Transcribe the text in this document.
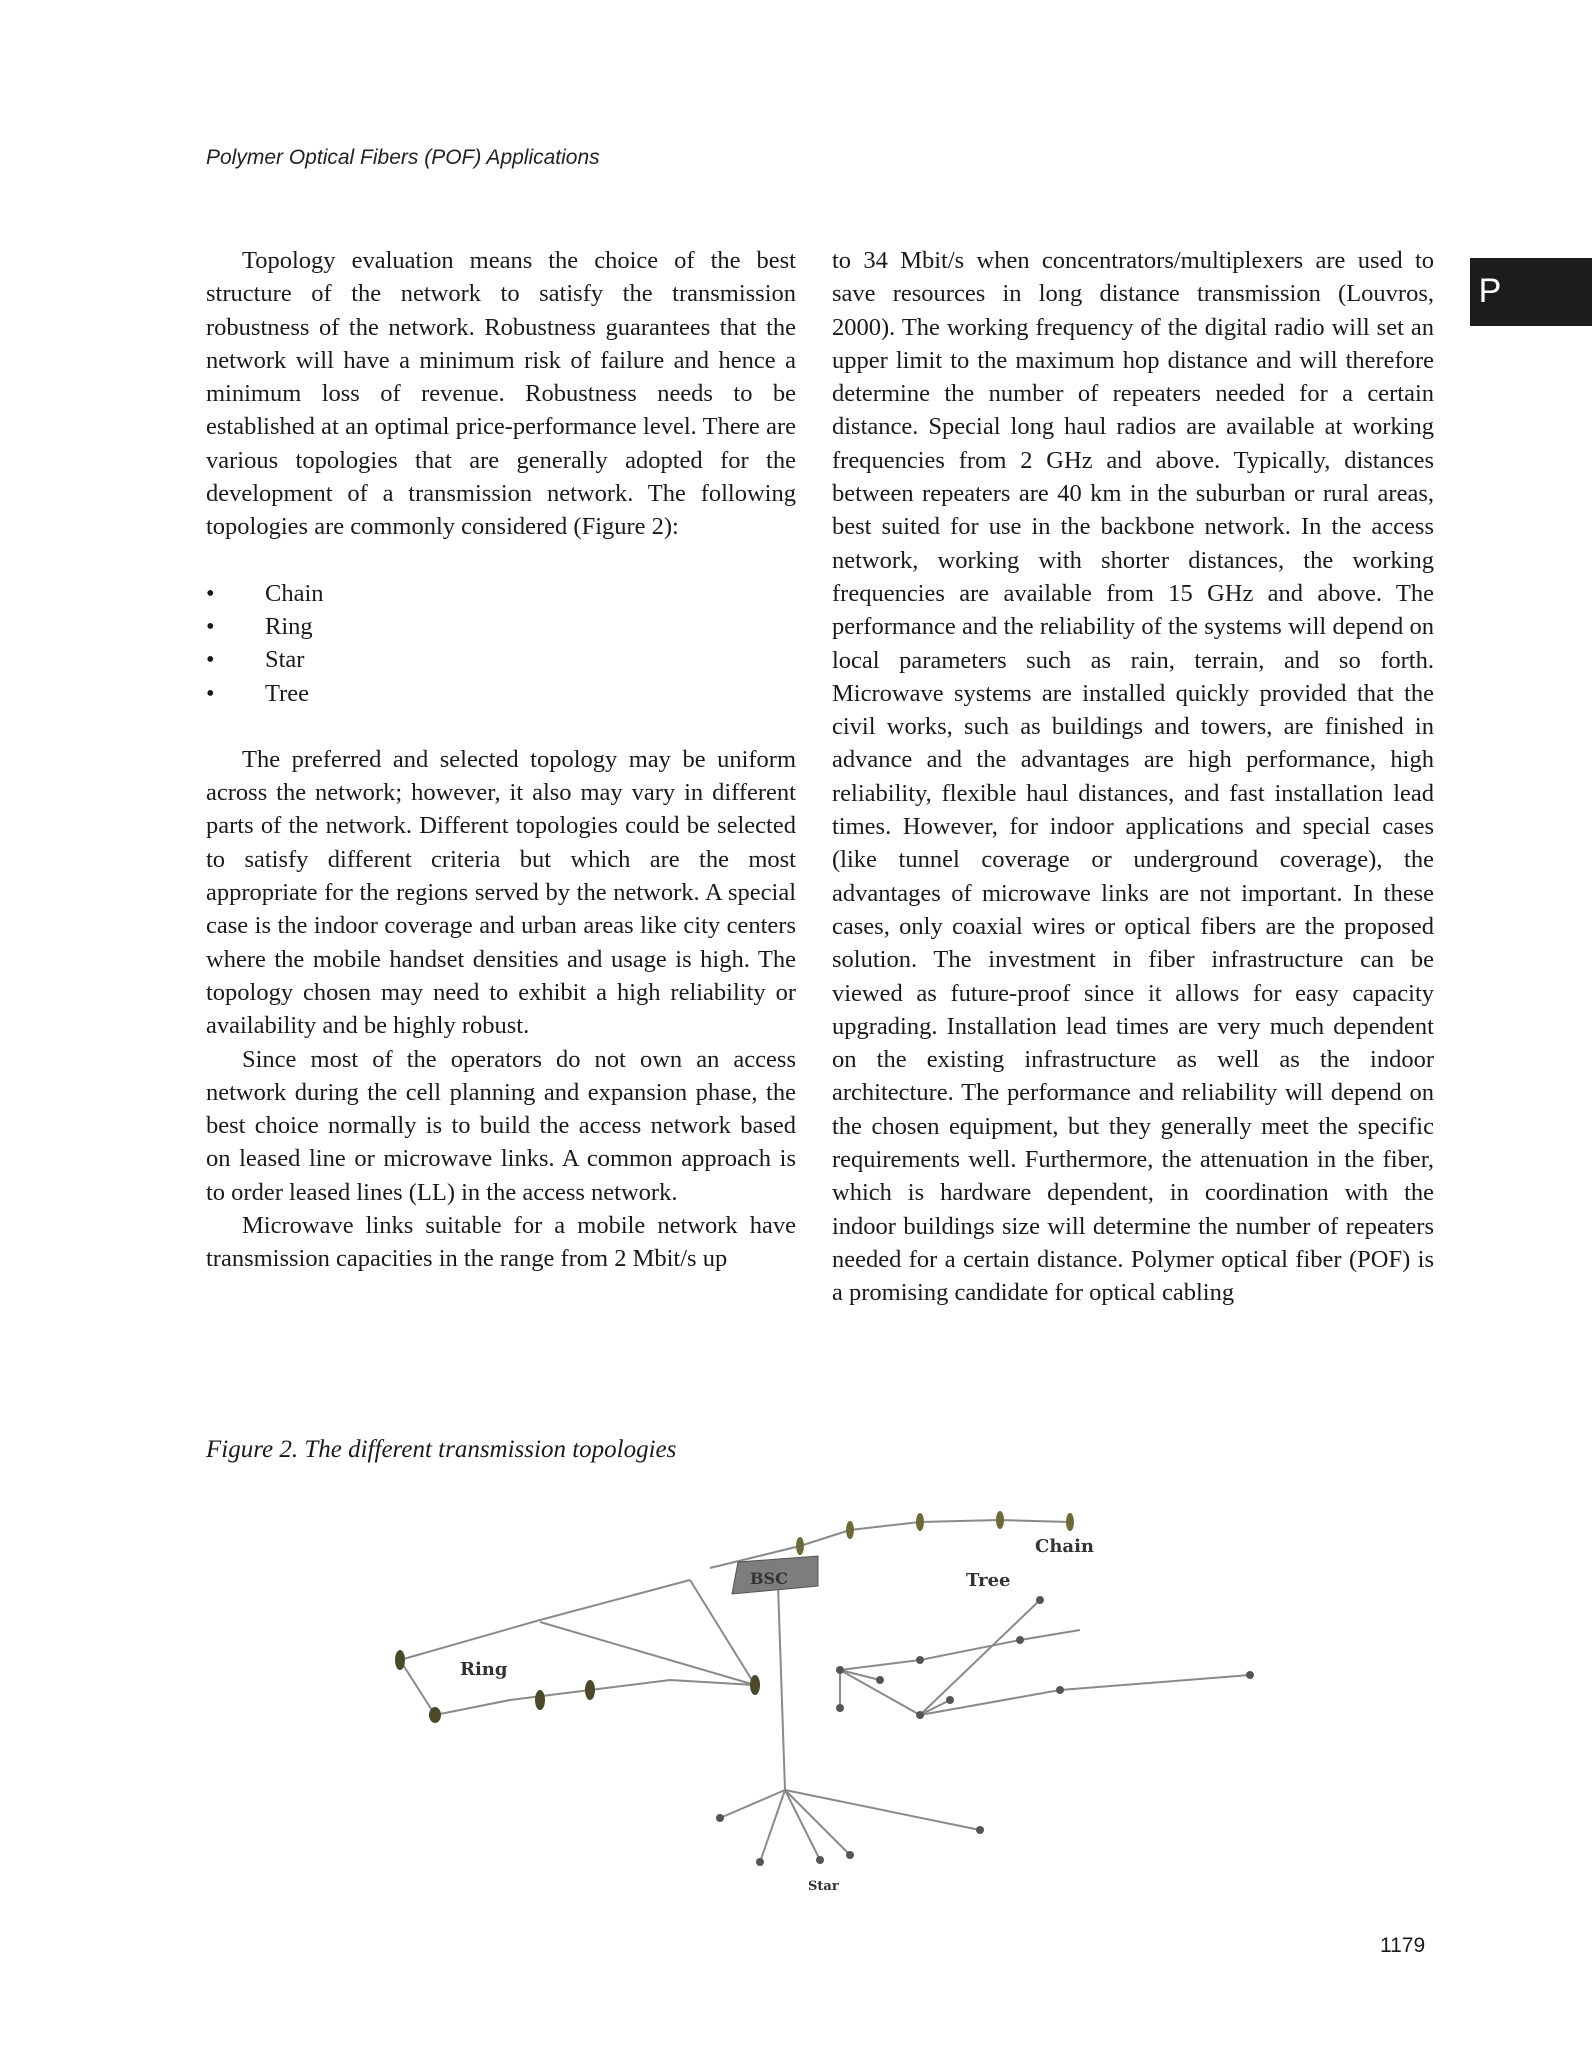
Polymer Optical Fibers (POF) Applications
P

Topology evaluation means the choice of the best structure of the network to satisfy the transmission robustness of the network. Robustness guarantees that the network will have a minimum risk of failure and hence a minimum loss of revenue. Robustness needs to be established at an optimal price-performance level. There are various topologies that are generally adopted for the development of a transmission network. The following topologies are commonly considered (Figure 2):

• Chain
• Ring
• Star
• Tree

The preferred and selected topology may be uniform across the network; however, it also may vary in different parts of the network. Different topologies could be selected to satisfy different criteria but which are the most appropriate for the regions served by the network. A special case is the indoor coverage and urban areas like city centers where the mobile handset densities and usage is high. The topology chosen may need to exhibit a high reliability or availability and be highly robust.

Since most of the operators do not own an access network during the cell planning and expansion phase, the best choice normally is to build the access network based on leased line or microwave links. A common approach is to order leased lines (LL) in the access network.

Microwave links suitable for a mobile network have transmission capacities in the range from 2 Mbit/s up

to 34 Mbit/s when concentrators/multiplexers are used to save resources in long distance transmission (Louvros, 2000). The working frequency of the digital radio will set an upper limit to the maximum hop distance and will therefore determine the number of repeaters needed for a certain distance. Special long haul radios are available at working frequencies from 2 GHz and above. Typically, distances between repeaters are 40 km in the suburban or rural areas, best suited for use in the backbone network. In the access network, working with shorter distances, the working frequencies are available from 15 GHz and above. The performance and the reliability of the systems will depend on local parameters such as rain, terrain, and so forth. Microwave systems are installed quickly provided that the civil works, such as buildings and towers, are finished in advance and the advantages are high performance, high reliability, flexible haul distances, and fast installation lead times. However, for indoor applications and special cases (like tunnel coverage or underground coverage), the advantages of microwave links are not important. In these cases, only coaxial wires or optical fibers are the proposed solution. The investment in fiber infrastructure can be viewed as future-proof since it allows for easy capacity upgrading. Installation lead times are very much dependent on the existing infrastructure as well as the indoor architecture. The performance and reliability will depend on the chosen equipment, but they generally meet the specific requirements well. Furthermore, the attenuation in the fiber, which is hardware dependent, in coordination with the indoor buildings size will determine the number of repeaters needed for a certain distance. Polymer optical fiber (POF) is a promising candidate for optical cabling

Figure 2. The different transmission topologies
BSC
Chain
Tree
Ring
Star
1179
